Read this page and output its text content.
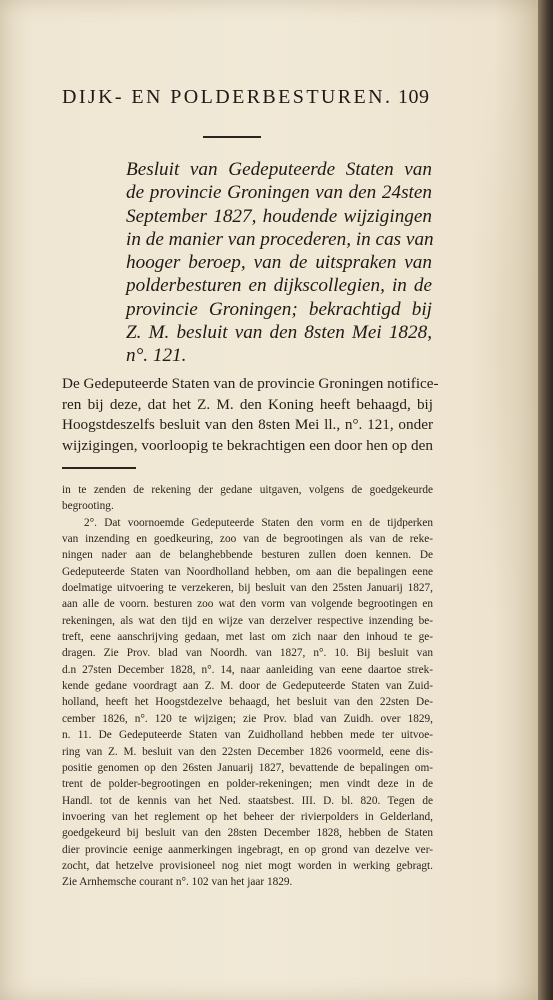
DIJK- EN POLDERBESTUREN. 109
Besluit van Gedeputeerde Staten van
de provincie Groningen van den 24sten
September 1827, houdende wijzigingen
in de manier van procederen, in cas van
hooger beroep, van de uitspraken van
polderbesturen en dijkscollegien, in de
provincie Groningen; bekrachtigd bij
Z. M. besluit van den 8sten Mei 1828,
n°. 121.
De Gedeputeerde Staten van de provincie Groningen notifice-
ren bij deze, dat het Z. M. den Koning heeft behaagd, bij
Hoogstdeszelfs besluit van den 8sten Mei ll., n°. 121, onder
wijzigingen, voorloopig te bekrachtigen een door hen op den
in te zenden de rekening der gedane uitgaven, volgens de goedgekeurde
begrooting.
2°. Dat voornoemde Gedeputeerde Staten den vorm en de tijdperken
van inzending en goedkeuring, zoo van de begrootingen als van de reke-
ningen nader aan de belanghebbende besturen zullen doen kennen. De
Gedeputeerde Staten van Noordholland hebben, om aan die bepalingen eene
doelmatige uitvoering te verzekeren, bij besluit van den 25sten Januarij 1827,
aan alle de voorn. besturen zoo wat den vorm van volgende begrootingen en
rekeningen, als wat den tijd en wijze van derzelver respective inzending be-
treft, eene aanschrijving gedaan, met last om zich naar den inhoud te ge-
dragen. Zie Prov. blad van Noordh. van 1827, n°. 10. Bij besluit van
d.n 27sten December 1828, n°. 14, naar aanleiding van eene daartoe strek-
kende gedane voordragt aan Z. M. door de Gedeputeerde Staten van Zuid-
holland, heeft het Hoogstdezelve behaagd, het besluit van den 22sten De-
cember 1826, n°. 120 te wijzigen; zie Prov. blad van Zuidh. over 1829,
n. 11. De Gedeputeerde Staten van Zuidholland hebben mede ter uitvoe-
ring van Z. M. besluit van den 22sten December 1826 voormeld, eene dis-
positie genomen op den 26sten Januarij 1827, bevattende de bepalingen om-
trent de polder-begrootingen en polder-rekeningen; men vindt deze in de
Handl. tot de kennis van het Ned. staatsbest. III. D. bl. 820. Tegen de
invoering van het reglement op het beheer der rivierpolders in Gelderland,
goedgekeurd bij besluit van den 28sten December 1828, hebben de Staten
dier provincie eenige aanmerkingen ingebragt, en op grond van dezelve ver-
zocht, dat hetzelve provisioneel nog niet mogt worden in werking gebragt.
Zie Arnhemsche courant n°. 102 van het jaar 1829.
